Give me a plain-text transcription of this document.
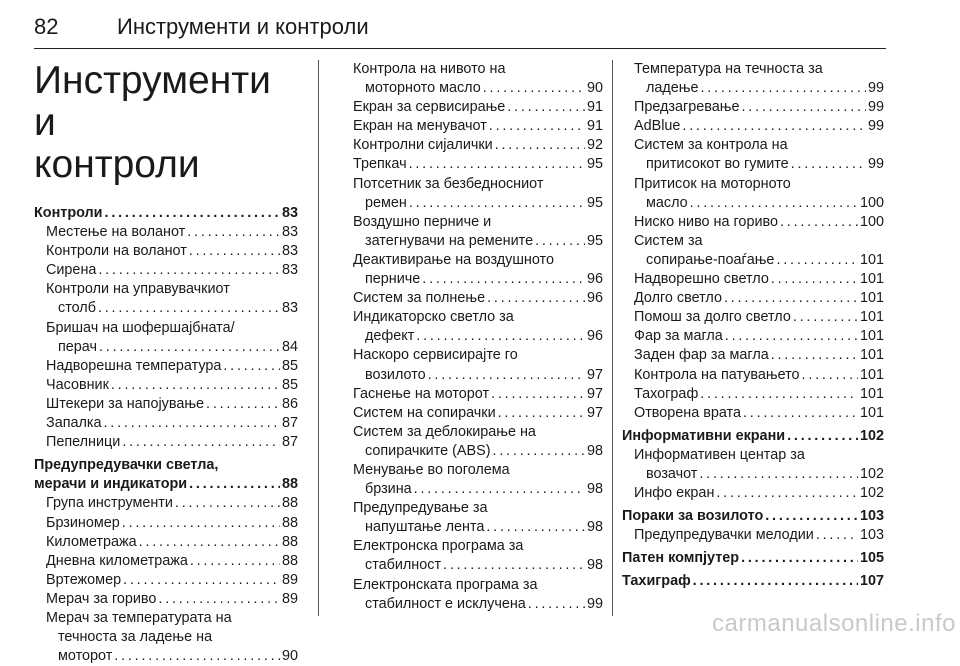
82	Инструменти и контроли
Инструменти и
контроли
Контроли . . .	83
Местење на воланот . . .	83
Контроли на воланот . . .	83
Сирена . . .	83
Контроли на управувачкиот
столб . . .	83
Бришач на шофершајбната/
перач . . .	84
Надворешна температура . . .	85
Часовник . . .	85
Штекери за напојување . . .	86
Запалка . . .	87
Пепелници . . .	87
Предупредувачки светла,
мерачи и индикатори . . .	88
Група инструменти . . .	88
Брзиномер . . .	88
Километража . . .	88
Дневна километража . . .	88
Вртежомер . . .	89
Мерач за гориво . . .	89
Мерач за температурата на
течноста за ладење на
моторот . . .	90
Контрола на нивото на
моторното масло . . .	90
Екран за сервисирање . . .	91
Екран на менувачот . . .	91
Контролни сијалички . . .	92
Трепкач . . .	95
Потсетник за безбедносниот
ремен . . .	95
Воздушно перниче и
затегнувачи на ремените . . .	95
Деактивирање на воздушното
перниче . . .	96
Систем за полнење . . .	96
Индикаторско светло за
дефект . . .	96
Наскоро сервисирајте го
возилото . . .	97
Гаснење на моторот . . .	97
Систем на сопирачки . . .	97
Систем за деблокирање на
сопирачките (ABS) . . .	98
Менување во поголема
брзина . . .	98
Предупредување за
напуштање лента . . .	98
Електронска програма за
стабилност . . .	98
Електронската програма за
стабилност е исклучена . . .	99
Температура на течноста за
ладење . . .	99
Предзагревање . . .	99
AdBlue . . .	99
Систем за контрола на
притисокот во гумите . . .	99
Притисок на моторното
масло . . .	100
Ниско ниво на гориво . . .	100
Систем за
сопирање-поаѓање . . .	101
Надворешно светло . . .	101
Долго светло . . .	101
Помош за долго светло . . .	101
Фар за магла . . .	101
Заден фар за магла . . .	101
Контрола на патувањето . . .	101
Тахограф . . .	101
Отворена врата . . .	101
Информативни екрани . . .	102
Информативен центар за
возачот . . .	102
Инфо екран . . .	102
Пораки за возилото . . .	103
Предупредувачки мелодии . . .	103
Патен компјутер . . .	105
Тахиграф . . .	107
carmanualsonline.info
